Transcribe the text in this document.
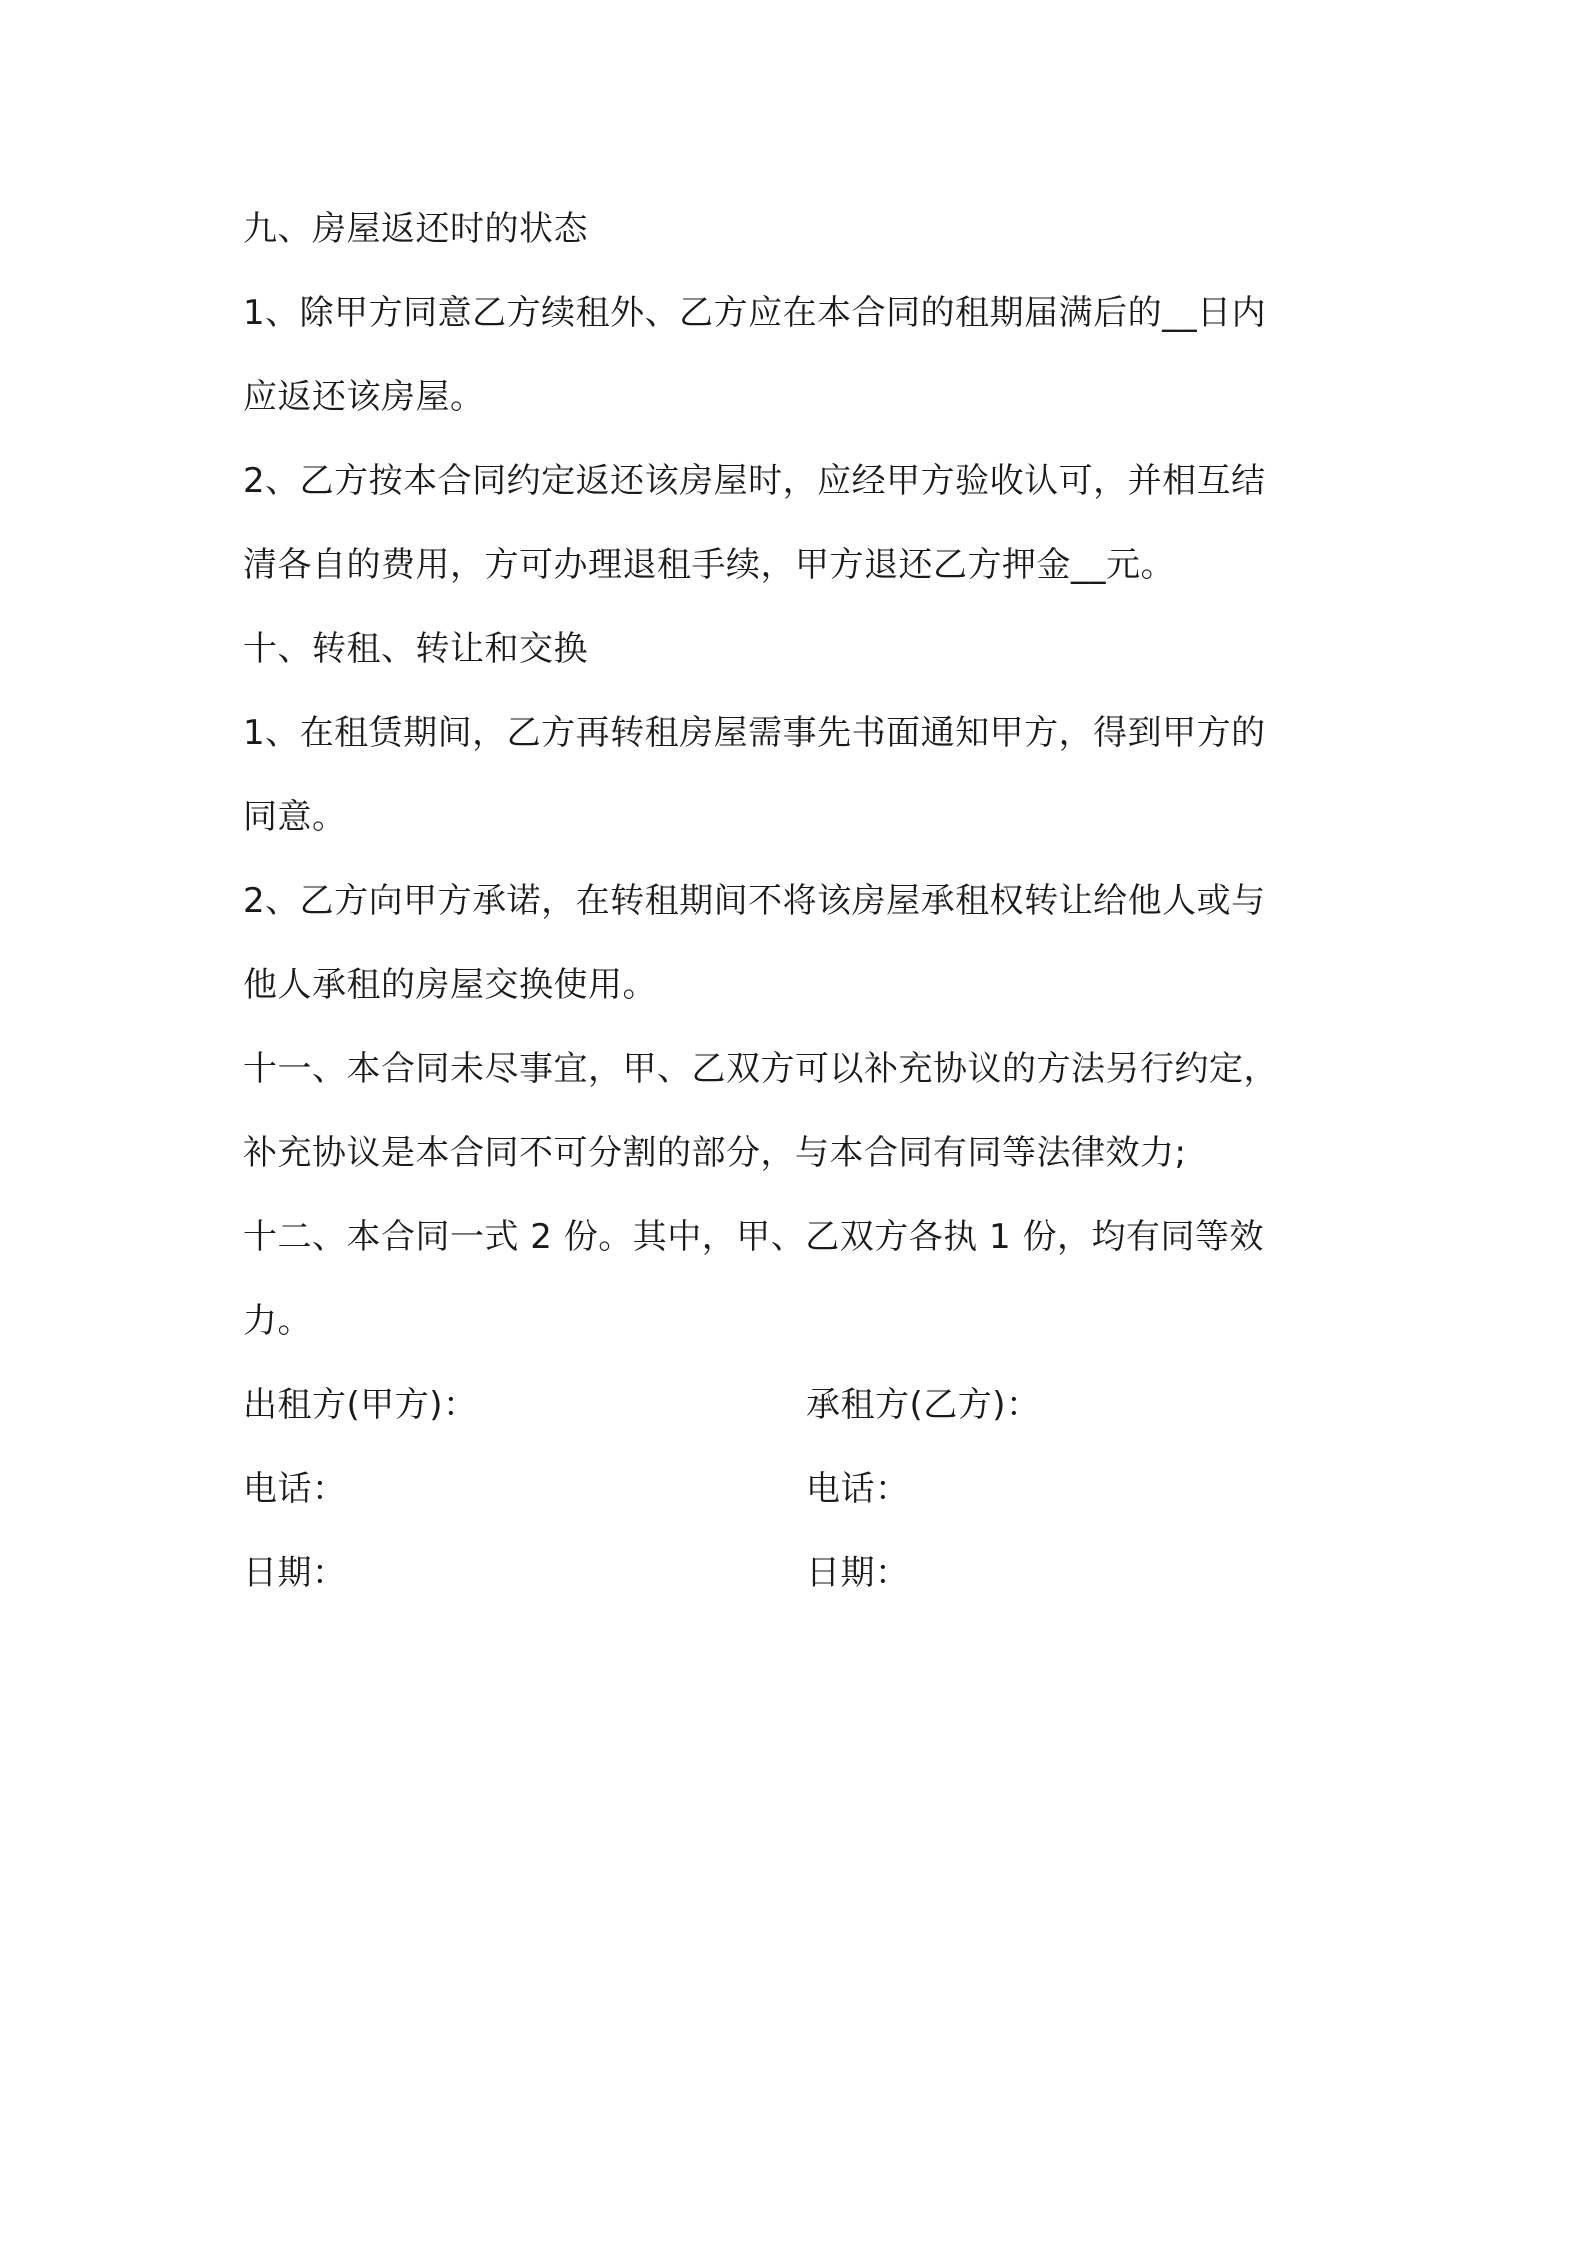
九、房屋返还时的状态
1、除甲方同意乙方续租外、乙方应在本合同的租期届满后的__日内
应返还该房屋。
2、乙方按本合同约定返还该房屋时，应经甲方验收认可，并相互结
清各自的费用，方可办理退租手续，甲方退还乙方押金__元。
十、转租、转让和交换
1、在租赁期间，乙方再转租房屋需事先书面通知甲方，得到甲方的
同意。
2、乙方向甲方承诺，在转租期间不将该房屋承租权转让给他人或与
他人承租的房屋交换使用。
十一、本合同未尽事宜，甲、乙双方可以补充协议的方法另行约定，
补充协议是本合同不可分割的部分，与本合同有同等法律效力;
十二、本合同一式 2 份。其中，甲、乙双方各执 1 份，均有同等效
力。
出租方(甲方)：	承租方(乙方)：
电话：	电话：
日期：	日期：
